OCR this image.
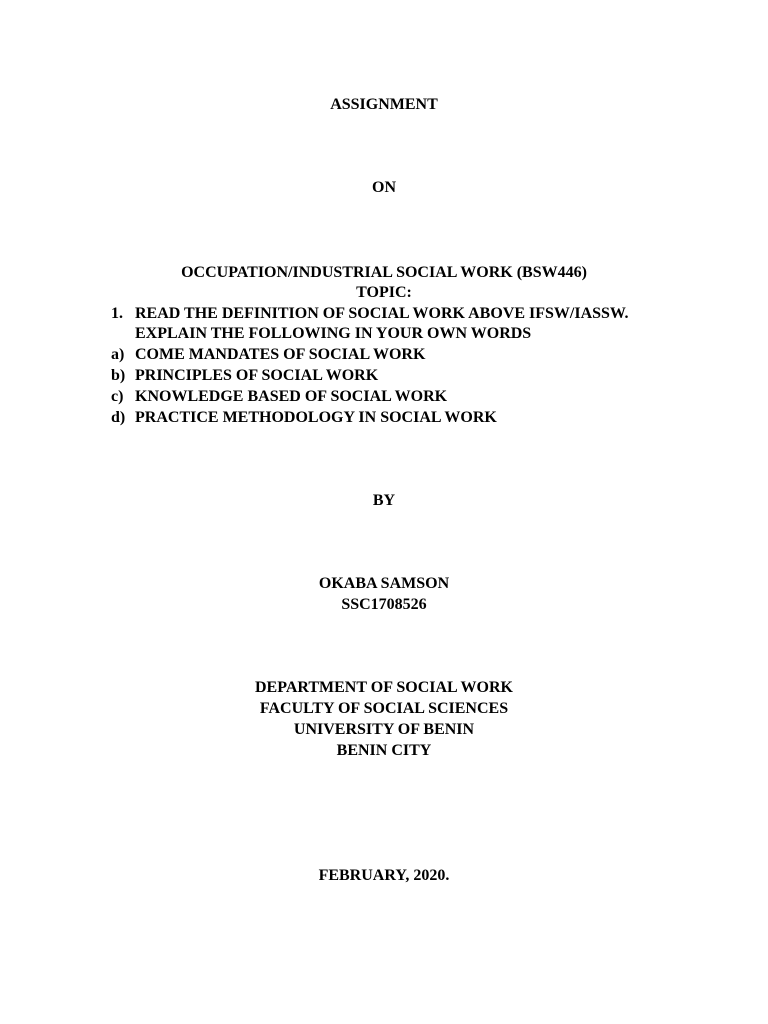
ASSIGNMENT
ON
OCCUPATION/INDUSTRIAL SOCIAL WORK (BSW446)
TOPIC:
1. READ THE DEFINITION OF SOCIAL WORK ABOVE IFSW/IASSW.
EXPLAIN THE FOLLOWING IN YOUR OWN WORDS
a) COME MANDATES OF SOCIAL WORK
b) PRINCIPLES OF SOCIAL WORK
c) KNOWLEDGE BASED OF SOCIAL WORK
d) PRACTICE METHODOLOGY IN SOCIAL WORK
BY
OKABA SAMSON
SSC1708526
DEPARTMENT OF SOCIAL WORK
FACULTY OF SOCIAL SCIENCES
UNIVERSITY OF BENIN
BENIN CITY
FEBRUARY, 2020.
